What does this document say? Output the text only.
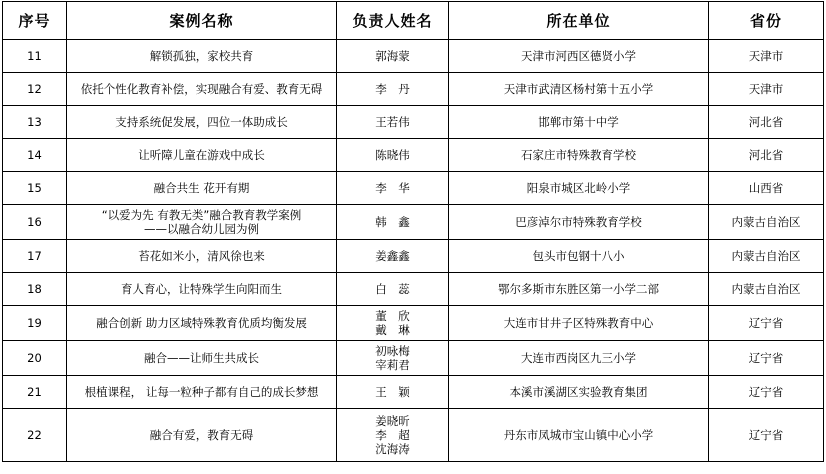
序号	案例名称	负责人姓名	所在单位	省份
11	解锁孤独，家校共育	郭海蒙	天津市河西区德贤小学	天津市
12	依托个性化教育补偿，实现融合有爱、教育无碍	李　丹	天津市武清区杨村第十五小学	天津市
13	支持系统促发展，四位一体助成长	王若伟	邯郸市第十中学	河北省
14	让听障儿童在游戏中成长	陈晓伟	石家庄市特殊教育学校	河北省
15	融合共生 花开有期	李　华	阳泉市城区北岭小学	山西省
16	“以爱为先 有教无类”融合教育教学案例
——以融合幼儿园为例	韩　鑫	巴彦淖尔市特殊教育学校	内蒙古自治区
17	苔花如米小，清风徐也来	姜鑫鑫	包头市包钢十八小	内蒙古自治区
18	育人育心，让特殊学生向阳而生	白　蕊	鄂尔多斯市东胜区第一小学二部	内蒙古自治区
19	融合创新 助力区域特殊教育优质均衡发展	董　欣
戴　琳	大连市甘井子区特殊教育中心	辽宁省
20	融合——让师生共成长	初咏梅
宰莉君	大连市西岗区九三小学	辽宁省
21	根植课程， 让每一粒种子都有自己的成长梦想	王　颖	本溪市溪湖区实验教育集团	辽宁省
22	融合有爱，教育无碍	姜晓昕
李　超
沈海涛	丹东市凤城市宝山镇中心小学	辽宁省
